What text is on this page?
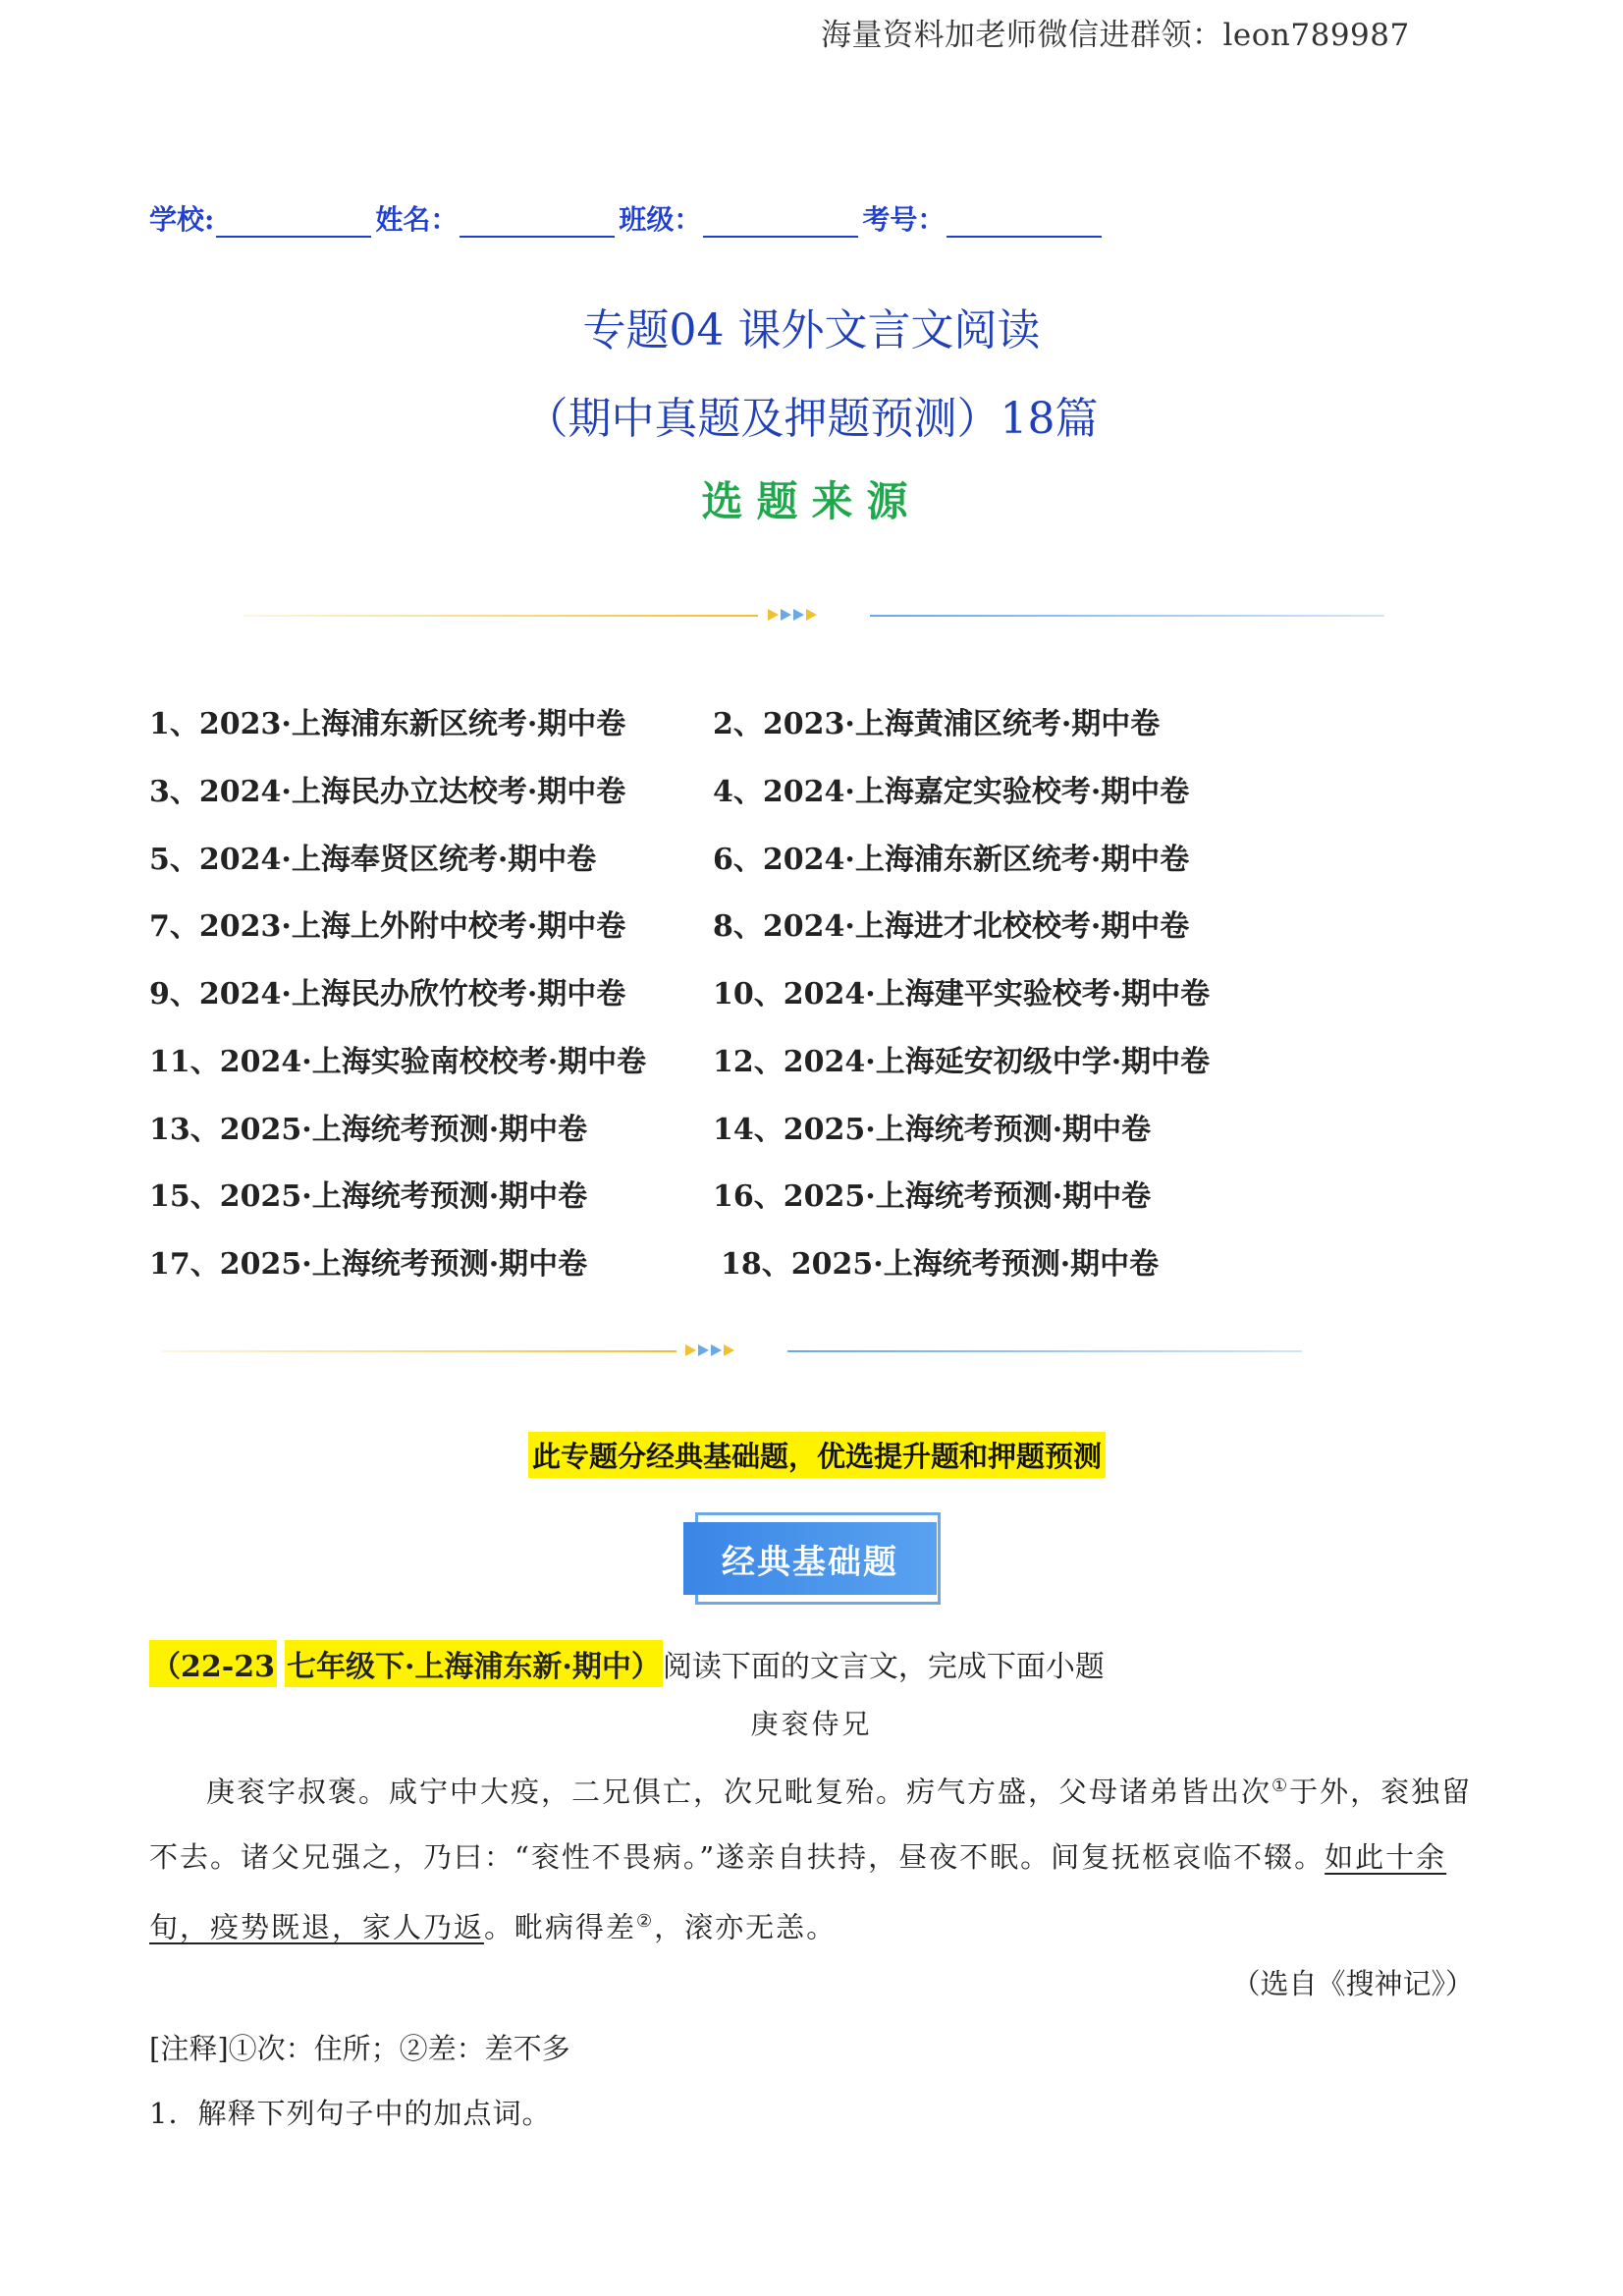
海量资料加老师微信进群领：leon789987
学校:	姓名：	班级：	考号：
专题04 课外文言文阅读
（期中真题及押题预测）18篇
选题来源
1、2023·上海浦东新区统考·期中卷	2、2023·上海黄浦区统考·期中卷
3、2024·上海民办立达校考·期中卷	4、2024·上海嘉定实验校考·期中卷
5、2024·上海奉贤区统考·期中卷	6、2024·上海浦东新区统考·期中卷
7、2023·上海上外附中校考·期中卷	8、2024·上海进才北校校考·期中卷
9、2024·上海民办欣竹校考·期中卷	10、2024·上海建平实验校考·期中卷
11、2024·上海实验南校校考·期中卷 12、2024·上海延安初级中学·期中卷
13、2025·上海统考预测·期中卷	14、2025·上海统考预测·期中卷
15、2025·上海统考预测·期中卷	16、2025·上海统考预测·期中卷
17、2025·上海统考预测·期中卷	18、2025·上海统考预测·期中卷
此专题分经典基础题，优选提升题和押题预测
经典基础题
（22-23 七年级下·上海浦东新·期中） 阅读下面的文言文，完成下面小题
庚衮侍兄
庚衮字叔褒。咸宁中大疫，二兄俱亡，次兄毗复殆。疠气方盛，父母诸弟皆出次①于外，衮独留不去。诸父兄强之，乃曰：“衮性不畏病。”遂亲自扶持，昼夜不眠。间复抚柩哀临不辍。如此十余旬，疫势既退，家人乃返。毗病得差②，滚亦无恙。
（选自《搜神记》）
[注释]①次：住所；②差：差不多
1．解释下列句子中的加点词。
